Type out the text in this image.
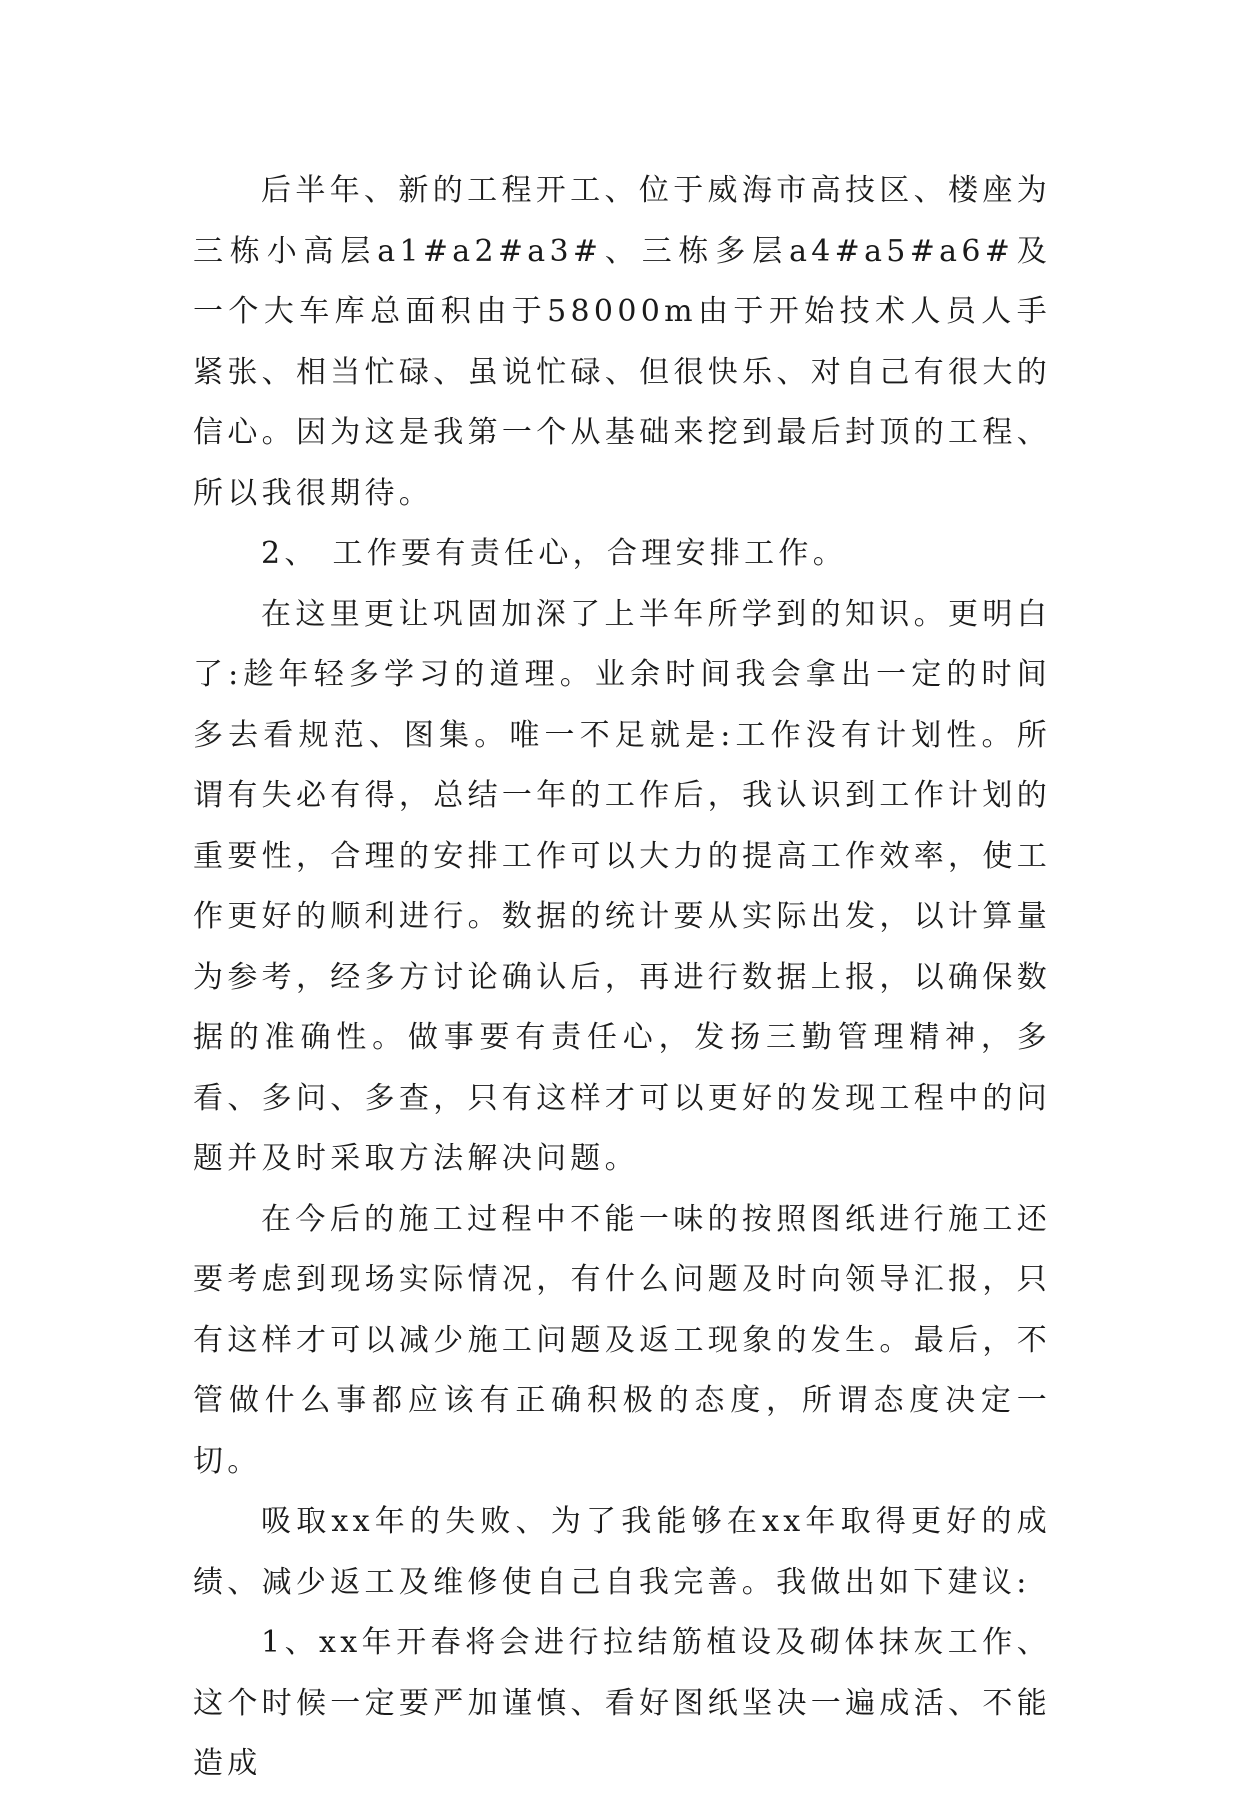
后半年、新的工程开工、位于威海市高技区、楼座为三栋小高层a1#a2#a3#、三栋多层a4#a5#a6#及一个大车库总面积由于58000m由于开始技术人员人手紧张、相当忙碌、虽说忙碌、但很快乐、对自己有很大的信心。因为这是我第一个从基础来挖到最后封顶的工程、所以我很期待。

2、 工作要有责任心，合理安排工作。

在这里更让巩固加深了上半年所学到的知识。更明白了:趁年轻多学习的道理。业余时间我会拿出一定的时间多去看规范、图集。唯一不足就是:工作没有计划性。所谓有失必有得，总结一年的工作后，我认识到工作计划的重要性，合理的安排工作可以大力的提高工作效率，使工作更好的顺利进行。数据的统计要从实际出发，以计算量为参考，经多方讨论确认后，再进行数据上报，以确保数据的准确性。做事要有责任心，发扬三勤管理精神，多看、多问、多查，只有这样才可以更好的发现工程中的问题并及时采取方法解决问题。

在今后的施工过程中不能一味的按照图纸进行施工还要考虑到现场实际情况，有什么问题及时向领导汇报，只有这样才可以减少施工问题及返工现象的发生。最后，不管做什么事都应该有正确积极的态度，所谓态度决定一切。

吸取xx年的失败、为了我能够在xx年取得更好的成绩、减少返工及维修使自己自我完善。我做出如下建议:

1、xx年开春将会进行拉结筋植设及砌体抹灰工作、这个时候一定要严加谨慎、看好图纸坚决一遍成活、不能造成
